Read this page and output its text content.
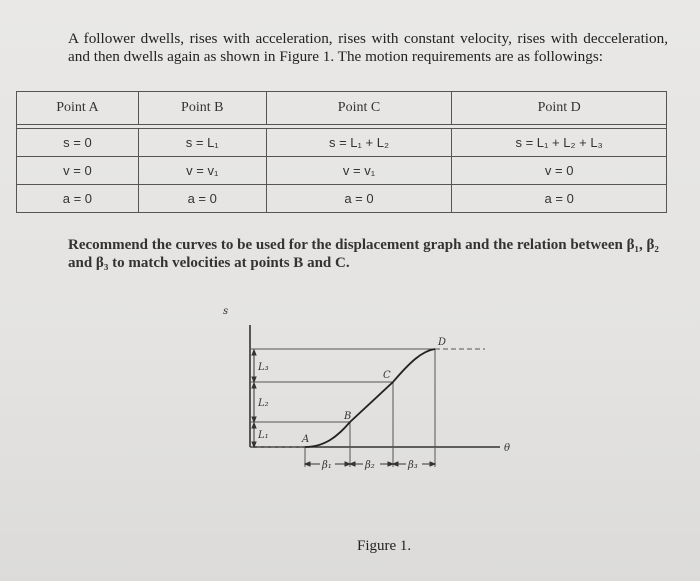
A follower dwells, rises with acceleration, rises with constant velocity, rises with decceleration, and then dwells again as shown in Figure 1. The motion requirements are as followings:

Point A	Point B	Point C	Point D

s = 0	s = L₁	s = L₁ + L₂	s = L₁ + L₂ + L₃
v = 0	v = v₁	v = v₁	v = 0
a = 0	a = 0	a = 0	a = 0

Recommend the curves to be used for the displacement graph and the relation between β₁, β₂ and β₃ to match velocities at points B and C.

s
θ
L₃
L₂
L₁	A
B
C
D
β₁	β₂	β₃
Figure 1.
